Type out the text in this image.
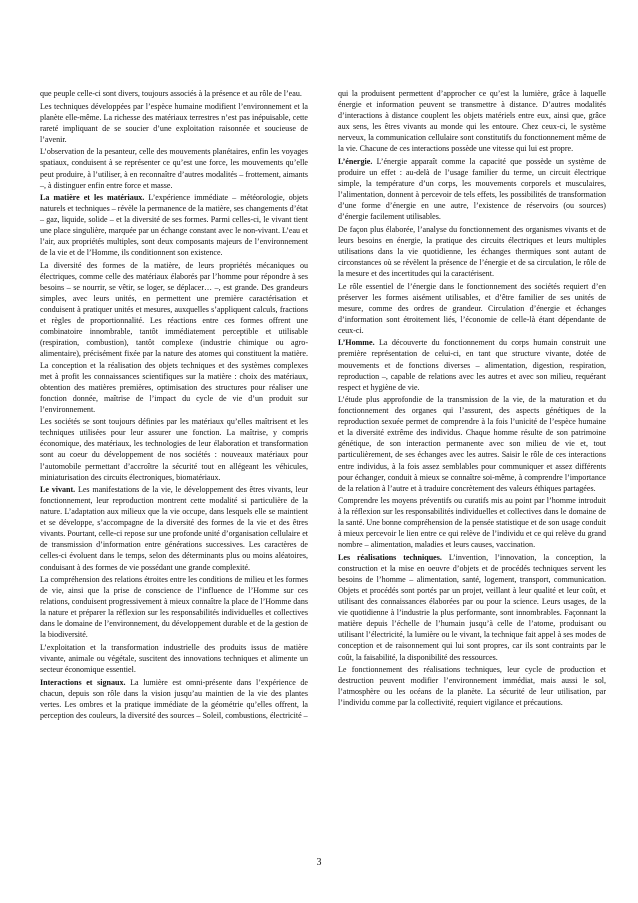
que peuple celle-ci sont divers, toujours associés à la présence et au rôle de l’eau.

Les techniques développées par l’espèce humaine modifient l’environnement et la planète elle-même. La richesse des matériaux terrestres n’est pas inépuisable, cette rareté impliquant de se soucier d’une exploitation raisonnée et soucieuse de l’avenir.

L’observation de la pesanteur, celle des mouvements planétaires, enfin les voyages spatiaux, conduisent à se représenter ce qu’est une force, les mouvements qu’elle peut produire, à l’utiliser, à en reconnaître d’autres modalités – frottement, aimants –, à distinguer enfin entre force et masse.

La matière et les matériaux. L’expérience immédiate – météorologie, objets naturels et techniques – révèle la permanence de la matière, ses changements d’état – gaz, liquide, solide – et la diversité de ses formes. Parmi celles-ci, le vivant tient une place singulière, marquée par un échange constant avec le non-vivant. L’eau et l’air, aux propriétés multiples, sont deux composants majeurs de l’environnement de la vie et de l’Homme, ils conditionnent son existence.

La diversité des formes de la matière, de leurs propriétés mécaniques ou électriques, comme celle des matériaux élaborés par l’homme pour répondre à ses besoins – se nourrir, se vêtir, se loger, se déplacer… –, est grande. Des grandeurs simples, avec leurs unités, en permettent une première caractérisation et conduisent à pratiquer unités et mesures, auxquelles s’appliquent calculs, fractions et règles de proportionnalité. Les réactions entre ces formes offrent une combinatoire innombrable, tantôt immédiatement perceptible et utilisable (respiration, combustion), tantôt complexe (industrie chimique ou agro-alimentaire), précisément fixée par la nature des atomes qui constituent la matière. La conception et la réalisation des objets techniques et des systèmes complexes met à profit les connaissances scientifiques sur la matière : choix des matériaux, obtention des matières premières, optimisation des structures pour réaliser une fonction donnée, maîtrise de l’impact du cycle de vie d’un produit sur l’environnement.

Les sociétés se sont toujours définies par les matériaux qu’elles maîtrisent et les techniques utilisées pour leur assurer une fonction. La maîtrise, y compris économique, des matériaux, les technologies de leur élaboration et transformation sont au coeur du développement de nos sociétés : nouveaux matériaux pour l’automobile permettant d’accroître la sécurité tout en allégeant les véhicules, miniaturisation des circuits électroniques, biomatériaux.

Le vivant. Les manifestations de la vie, le développement des êtres vivants, leur fonctionnement, leur reproduction montrent cette modalité si particulière de la nature. L’adaptation aux milieux que la vie occupe, dans lesquels elle se maintient et se développe, s’accompagne de la diversité des formes de la vie et des êtres vivants. Pourtant, celle-ci repose sur une profonde unité d’organisation cellulaire et de transmission d’information entre générations successives. Les caractères de celles-ci évoluent dans le temps, selon des déterminants plus ou moins aléatoires, conduisant à des formes de vie possédant une grande complexité.

La compréhension des relations étroites entre les conditions de milieu et les formes de vie, ainsi que la prise de conscience de l’influence de l’Homme sur ces relations, conduisent progressivement à mieux connaître la place de l’Homme dans la nature et préparer la réflexion sur les responsabilités individuelles et collectives dans le domaine de l’environnement, du développement durable et de la gestion de la biodiversité.

L’exploitation et la transformation industrielle des produits issus de matière vivante, animale ou végétale, suscitent des innovations techniques et alimente un secteur économique essentiel.

Interactions et signaux. La lumière est omni-présente dans l’expérience de chacun, depuis son rôle dans la vision jusqu’au maintien de la vie des plantes vertes. Les ombres et la pratique immédiate de la géométrie qu’elles offrent, la perception des couleurs, la diversité des sources – Soleil, combustions, électricité –

qui la produisent permettent d’approcher ce qu’est la lumière, grâce à laquelle énergie et information peuvent se transmettre à distance. D’autres modalités d’interactions à distance couplent les objets matériels entre eux, ainsi que, grâce aux sens, les êtres vivants au monde qui les entoure. Chez ceux-ci, le système nerveux, la communication cellulaire sont constitutifs du fonctionnement même de la vie. Chacune de ces interactions possède une vitesse qui lui est propre.

L’énergie. L’énergie apparaît comme la capacité que possède un système de produire un effet : au-delà de l’usage familier du terme, un circuit électrique simple, la température d’un corps, les mouvements corporels et musculaires, l’alimentation, donnent à percevoir de tels effets, les possibilités de transformation d’une forme d’énergie en une autre, l’existence de réservoirs (ou sources) d’énergie facilement utilisables.

De façon plus élaborée, l’analyse du fonctionnement des organismes vivants et de leurs besoins en énergie, la pratique des circuits électriques et leurs multiples utilisations dans la vie quotidienne, les échanges thermiques sont autant de circonstances où se révèlent la présence de l’énergie et de sa circulation, le rôle de la mesure et des incertitudes qui la caractérisent.

Le rôle essentiel de l’énergie dans le fonctionnement des sociétés requiert d’en préserver les formes aisément utilisables, et d’être familier de ses unités de mesure, comme des ordres de grandeur. Circulation d’énergie et échanges d’information sont étroitement liés, l’économie de celle-là étant dépendante de ceux-ci.

L’Homme. La découverte du fonctionnement du corps humain construit une première représentation de celui-ci, en tant que structure vivante, dotée de mouvements et de fonctions diverses – alimentation, digestion, respiration, reproduction –, capable de relations avec les autres et avec son milieu, requérant respect et hygiène de vie.

L’étude plus approfondie de la transmission de la vie, de la maturation et du fonctionnement des organes qui l’assurent, des aspects génétiques de la reproduction sexuée permet de comprendre à la fois l’unicité de l’espèce humaine et la diversité extrême des individus. Chaque homme résulte de son patrimoine génétique, de son interaction permanente avec son milieu de vie et, tout particulièrement, de ses échanges avec les autres. Saisir le rôle de ces interactions entre individus, à la fois assez semblables pour communiquer et assez différents pour échanger, conduit à mieux se connaître soi-même, à comprendre l’importance de la relation à l’autre et à traduire concrètement des valeurs éthiques partagées.

Comprendre les moyens préventifs ou curatifs mis au point par l’homme introduit à la réflexion sur les responsabilités individuelles et collectives dans le domaine de la santé. Une bonne compréhension de la pensée statistique et de son usage conduit à mieux percevoir le lien entre ce qui relève de l’individu et ce qui relève du grand nombre – alimentation, maladies et leurs causes, vaccination.

Les réalisations techniques. L’invention, l’innovation, la conception, la construction et la mise en oeuvre d’objets et de procédés techniques servent les besoins de l’homme – alimentation, santé, logement, transport, communication. Objets et procédés sont portés par un projet, veillant à leur qualité et leur coût, et utilisant des connaissances élaborées par ou pour la science. Leurs usages, de la vie quotidienne à l’industrie la plus performante, sont innombrables. Façonnant la matière depuis l’échelle de l’humain jusqu’à celle de l’atome, produisant ou utilisant l’électricité, la lumière ou le vivant, la technique fait appel à ses modes de conception et de raisonnement qui lui sont propres, car ils sont contraints par le coût, la faisabilité, la disponibilité des ressources.

Le fonctionnement des réalisations techniques, leur cycle de production et destruction peuvent modifier l’environnement immédiat, mais aussi le sol, l’atmosphère ou les océans de la planète. La sécurité de leur utilisation, par l’individu comme par la collectivité, requiert vigilance et précautions.

3
